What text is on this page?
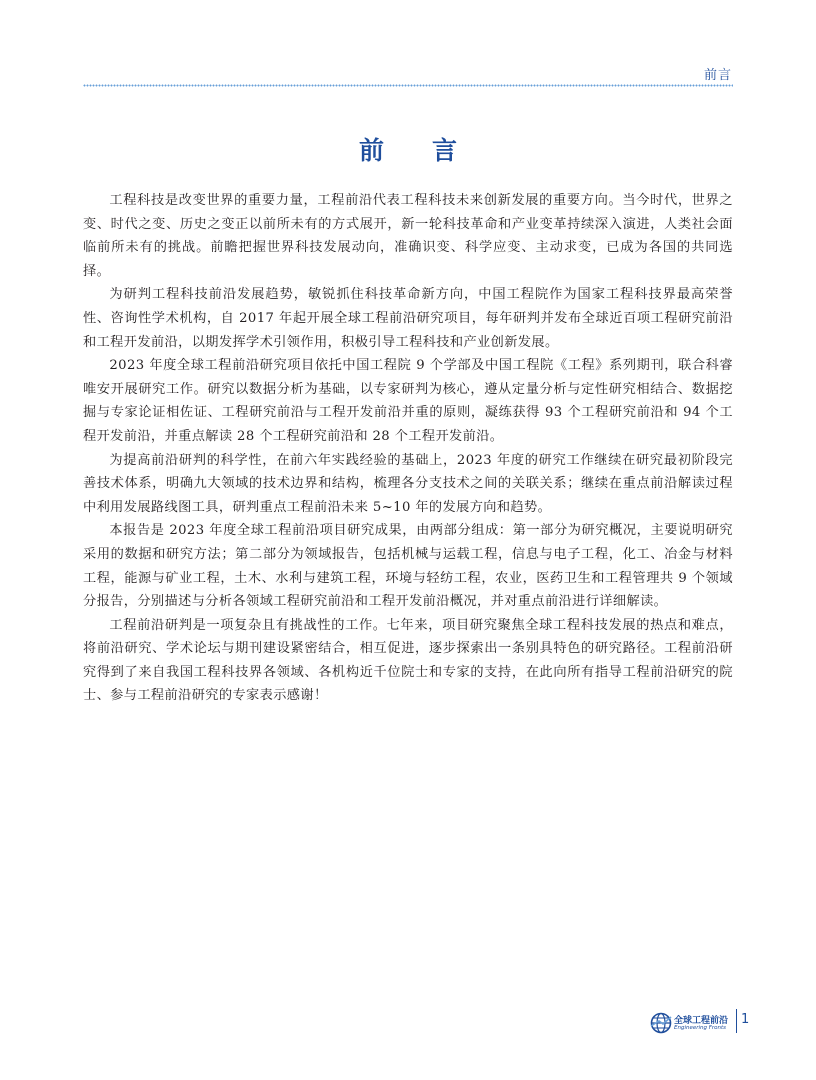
前言
前言

工程科技是改变世界的重要力量，工程前沿代表工程科技未来创新发展的重要方向。当今时代，世界之变、时代之变、历史之变正以前所未有的方式展开，新一轮科技革命和产业变革持续深入演进，人类社会面临前所未有的挑战。前瞻把握世界科技发展动向，准确识变、科学应变、主动求变，已成为各国的共同选择。

为研判工程科技前沿发展趋势，敏锐抓住科技革命新方向，中国工程院作为国家工程科技界最高荣誉性、咨询性学术机构，自 2017 年起开展全球工程前沿研究项目，每年研判并发布全球近百项工程研究前沿和工程开发前沿，以期发挥学术引领作用，积极引导工程科技和产业创新发展。

2023 年度全球工程前沿研究项目依托中国工程院 9 个学部及中国工程院《工程》系列期刊，联合科睿唯安开展研究工作。研究以数据分析为基础，以专家研判为核心，遵从定量分析与定性研究相结合、数据挖掘与专家论证相佐证、工程研究前沿与工程开发前沿并重的原则，凝练获得 93 个工程研究前沿和 94 个工程开发前沿，并重点解读 28 个工程研究前沿和 28 个工程开发前沿。

为提高前沿研判的科学性，在前六年实践经验的基础上，2023 年度的研究工作继续在研究最初阶段完善技术体系，明确九大领域的技术边界和结构，梳理各分支技术之间的关联关系；继续在重点前沿解读过程中利用发展路线图工具，研判重点工程前沿未来 5~10 年的发展方向和趋势。

本报告是 2023 年度全球工程前沿项目研究成果，由两部分组成：第一部分为研究概况，主要说明研究采用的数据和研究方法；第二部分为领域报告，包括机械与运载工程，信息与电子工程，化工、冶金与材料工程，能源与矿业工程，土木、水利与建筑工程，环境与轻纺工程，农业，医药卫生和工程管理共 9 个领域分报告，分别描述与分析各领域工程研究前沿和工程开发前沿概况，并对重点前沿进行详细解读。

工程前沿研判是一项复杂且有挑战性的工作。七年来，项目研究聚焦全球工程科技发展的热点和难点，将前沿研究、学术论坛与期刊建设紧密结合，相互促进，逐步探索出一条别具特色的研究路径。工程前沿研究得到了来自我国工程科技界各领域、各机构近千位院士和专家的支持，在此向所有指导工程前沿研究的院士、参与工程前沿研究的专家表示感谢！

全球工程前沿
Engineering Fronts
1
